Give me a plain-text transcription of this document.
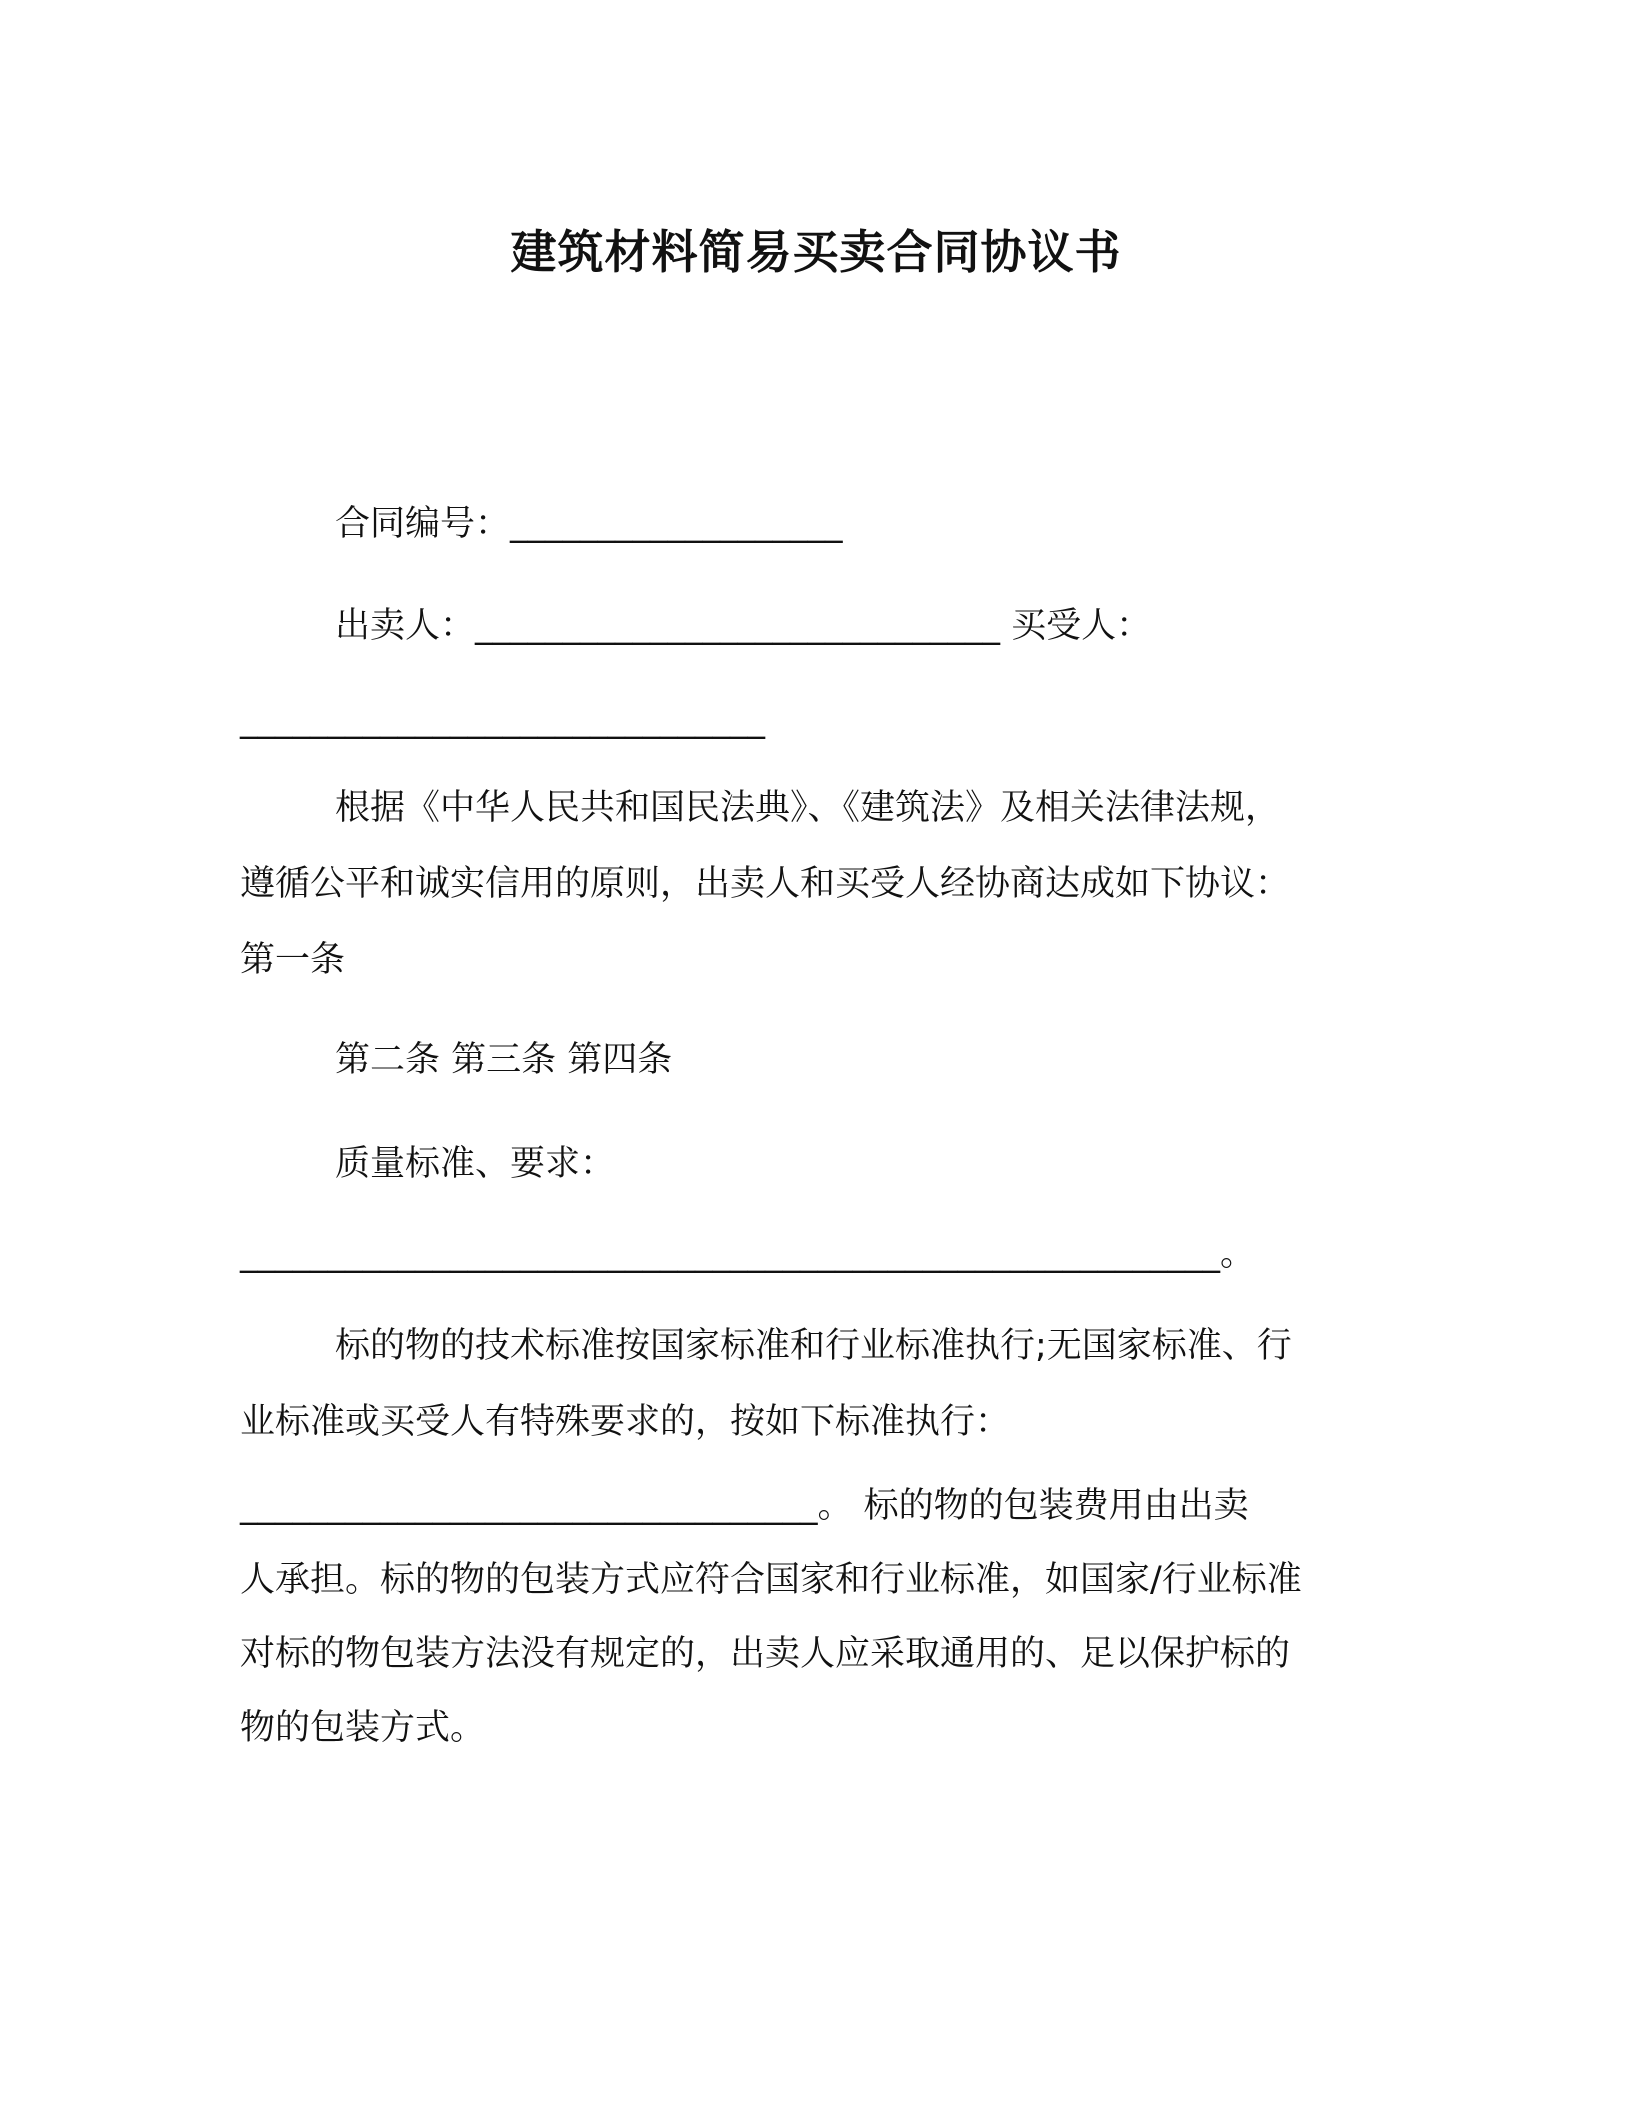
建筑材料简易买卖合同协议书
合同编号：___________________
出卖人：______________________________ 买受人：
______________________________
根据《中华人民共和国民法典》、《建筑法》及相关法律法规，
遵循公平和诚实信用的原则，出卖人和买受人经协商达成如下协议：
第一条
第二条 第三条 第四条
质量标准、要求：
________________________________________________________。
标的物的技术标准按国家标准和行业标准执行;无国家标准、行
业标准或买受人有特殊要求的，按如下标准执行：
_________________________________。 标的物的包装费用由出卖
人承担。标的物的包装方式应符合国家和行业标准，如国家/行业标准
对标的物包装方法没有规定的，出卖人应采取通用的、足以保护标的
物的包装方式。
